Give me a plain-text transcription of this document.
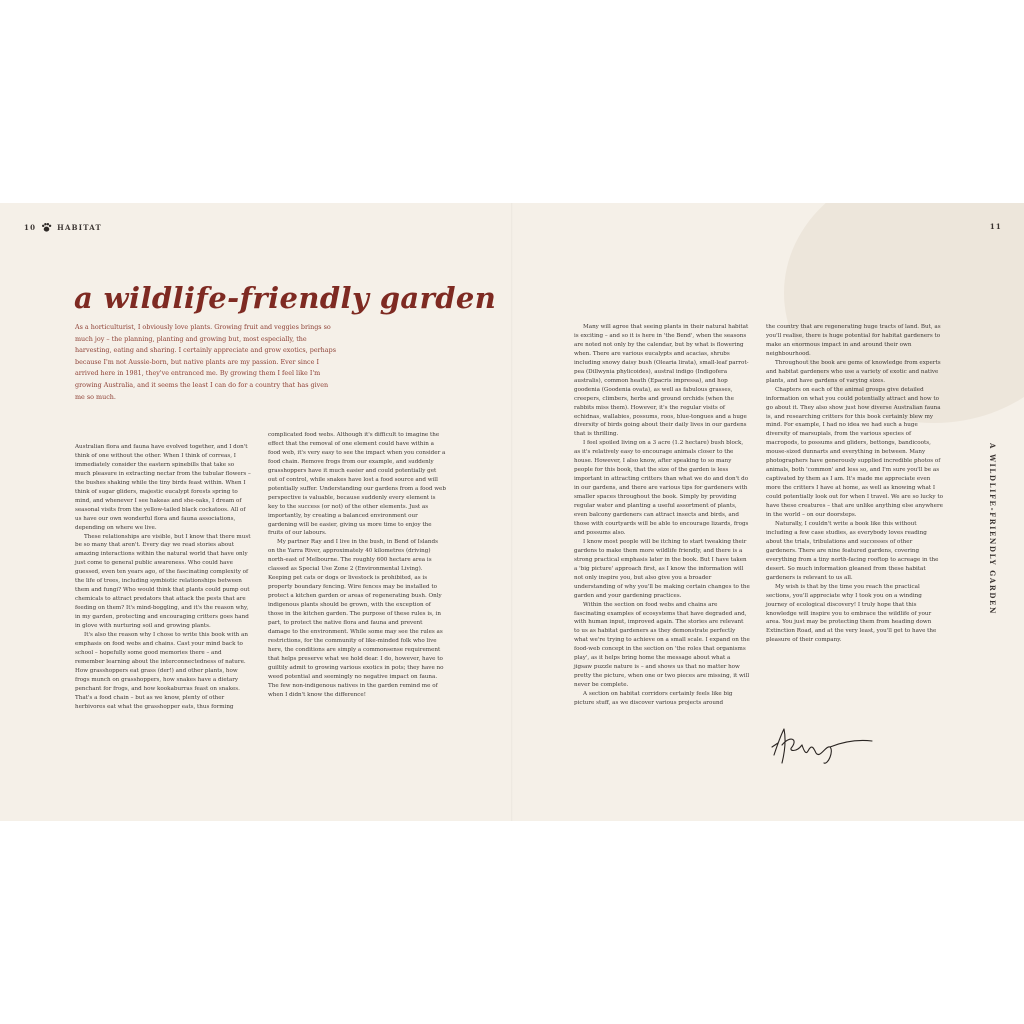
10	HABITAT	11
a wildlife-friendly garden

As a horticulturist, I obviously love plants. Growing fruit and veggies brings so much joy – the planning, planting and growing but, most especially, the harvesting, eating and sharing. I certainly appreciate and grow exotics, perhaps because I'm not Aussie-born, but native plants are my passion. Ever since I arrived here in 1981, they've entranced me. By growing them I feel like I'm growing Australia, and it seems the least I can do for a country that has given me so much.

Australian flora and fauna have evolved together, and I don't think of one without the other. When I think of correas, I immediately consider the eastern spinebills that take so much pleasure in extracting nectar from the tubular flowers – the bushes shaking while the tiny birds feast within. When I think of sugar gliders, majestic eucalypt forests spring to mind, and whenever I see hakeas and she-oaks, I dream of seasonal visits from the yellow-tailed black cockatoos. All of us have our own wonderful flora and fauna associations, depending on where we live.

These relationships are visible, but I know that there must be so many that aren't. Every day we read stories about amazing interactions within the natural world that have only just come to general public awareness. Who could have guessed, even ten years ago, of the fascinating complexity of the life of trees, including symbiotic relationships between them and fungi? Who would think that plants could pump out chemicals to attract predators that attack the pests that are feeding on them? It's mind-boggling, and it's the reason why, in my garden, protecting and encouraging critters goes hand in glove with nurturing soil and growing plants.

It's also the reason why I chose to write this book with an emphasis on food webs and chains. Cast your mind back to school – hopefully some good memories there – and remember learning about the interconnectedness of nature. How grasshoppers eat grass (der!) and other plants, how frogs munch on grasshoppers, how snakes have a dietary penchant for frogs, and how kookaburras feast on snakes. That's a food chain – but as we know, plenty of other herbivores eat what the grasshopper eats, thus forming

complicated food webs. Although it's difficult to imagine the effect that the removal of one element could have within a food web, it's very easy to see the impact when you consider a food chain. Remove frogs from our example, and suddenly grasshoppers have it much easier and could potentially get out of control, while snakes have lost a food source and will potentially suffer. Understanding our gardens from a food web perspective is valuable, because suddenly every element is key to the success (or not) of the other elements. Just as importantly, by creating a balanced environment our gardening will be easier, giving us more time to enjoy the fruits of our labours.

My partner Ray and I live in the bush, in Bend of Islands on the Yarra River, approximately 40 kilometres (driving) north-east of Melbourne. The roughly 600 hectare area is classed as Special Use Zone 2 (Environmental Living). Keeping pet cats or dogs or livestock is prohibited, as is property boundary fencing. Wire fences may be installed to protect a kitchen garden or areas of regenerating bush. Only indigenous plants should be grown, with the exception of those in the kitchen garden. The purpose of these rules is, in part, to protect the native flora and fauna and prevent damage to the environment. While some may see the rules as restrictions, for the community of like-minded folk who live here, the conditions are simply a commonsense requirement that helps preserve what we hold dear. I do, however, have to guiltily admit to growing various exotics in pots; they have no weed potential and seemingly no negative impact on fauna. The few non-indigenous natives in the garden remind me of when I didn't know the difference!

Many will agree that seeing plants in their natural habitat is exciting – and so it is here in 'the Bend', when the seasons are noted not only by the calendar, but by what is flowering when. There are various eucalypts and acacias, shrubs including snowy daisy bush (Olearia lirata), small-leaf parrot-pea (Dillwynia phylicoides), austral indigo (Indigofera australis), common heath (Epacris impressa), and hop goodenia (Goodenia ovata), as well as fabulous grasses, creepers, climbers, herbs and ground orchids (when the rabbits miss them). However, it's the regular visits of echidnas, wallabies, possums, roos, blue-tongues and a huge diversity of birds going about their daily lives in our gardens that is thrilling.

I feel spoiled living on a 3 acre (1.2 hectare) bush block, as it's relatively easy to encourage animals closer to the house. However, I also know, after speaking to so many people for this book, that the size of the garden is less important in attracting critters than what we do and don't do in our gardens, and there are various tips for gardeners with smaller spaces throughout the book. Simply by providing regular water and planting a useful assortment of plants, even balcony gardeners can attract insects and birds, and those with courtyards will be able to encourage lizards, frogs and possums also.

I know most people will be itching to start tweaking their gardens to make them more wildlife friendly, and there is a strong practical emphasis later in the book. But I have taken a 'big picture' approach first, as I know the information will not only inspire you, but also give you a broader understanding of why you'll be making certain changes to the garden and your gardening practices.

Within the section on food webs and chains are fascinating examples of ecosystems that have degraded and, with human input, improved again. The stories are relevant to us as habitat gardeners as they demonstrate perfectly what we're trying to achieve on a small scale. I expand on the food-web concept in the section on 'the roles that organisms play', as it helps bring home the message about what a jigsaw puzzle nature is – and shows us that no matter how pretty the picture, when one or two pieces are missing, it will never be complete.

A section on habitat corridors certainly feels like big picture stuff, as we discover various projects around

the country that are regenerating huge tracts of land. But, as you'll realise, there is huge potential for habitat gardeners to make an enormous impact in and around their own neighbourhood.

Throughout the book are gems of knowledge from experts and habitat gardeners who use a variety of exotic and native plants, and have gardens of varying sizes.

Chapters on each of the animal groups give detailed information on what you could potentially attract and how to go about it. They also show just how diverse Australian fauna is, and researching critters for this book certainly blew my mind. For example, I had no idea we had such a huge diversity of marsupials, from the various species of macropods, to possums and gliders, bettongs, bandicoots, mouse-sized dunnarts and everything in between. Many photographers have generously supplied incredible photos of animals, both 'common' and less so, and I'm sure you'll be as captivated by them as I am. It's made me appreciate even more the critters I have at home, as well as knowing what I could potentially look out for when I travel. We are so lucky to have these creatures – that are unlike anything else anywhere in the world – on our doorsteps.

Naturally, I couldn't write a book like this without including a few case studies, as everybody loves reading about the trials, tribulations and successes of other gardeners. There are nine featured gardens, covering everything from a tiny north-facing rooftop to acreage in the desert. So much information gleaned from these habitat gardeners is relevant to us all.

My wish is that by the time you reach the practical sections, you'll appreciate why I took you on a winding journey of ecological discovery! I truly hope that this knowledge will inspire you to embrace the wildlife of your area. You just may be protecting them from heading down Extinction Road, and at the very least, you'll get to have the pleasure of their company.

A WILDLIFE-FRIENDLY GARDEN
